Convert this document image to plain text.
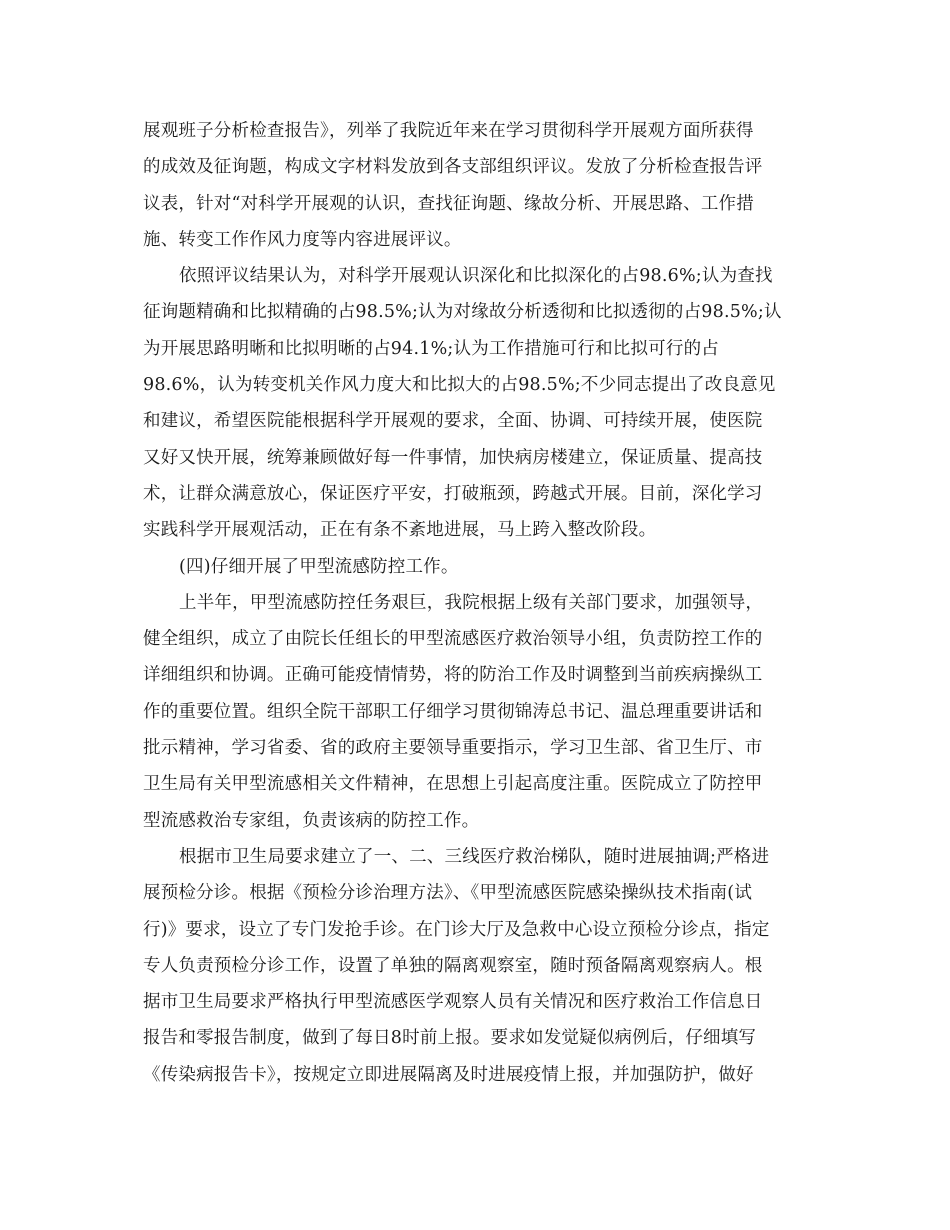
展观班子分析检查报告》，列举了我院近年来在学习贯彻科学开展观方面所获得
的成效及征询题，构成文字材料发放到各支部组织评议。发放了分析检查报告评
议表，针对“对科学开展观的认识，查找征询题、缘故分析、开展思路、工作措
施、转变工作作风力度等内容进展评议。
依照评议结果认为，对科学开展观认识深化和比拟深化的占98.6%;认为查找
征询题精确和比拟精确的占98.5%;认为对缘故分析透彻和比拟透彻的占98.5%;认
为开展思路明晰和比拟明晰的占94.1%;认为工作措施可行和比拟可行的占
98.6%，认为转变机关作风力度大和比拟大的占98.5%;不少同志提出了改良意见
和建议，希望医院能根据科学开展观的要求，全面、协调、可持续开展，使医院
又好又快开展，统筹兼顾做好每一件事情，加快病房楼建立，保证质量、提高技
术，让群众满意放心，保证医疗平安，打破瓶颈，跨越式开展。目前，深化学习
实践科学开展观活动，正在有条不紊地进展，马上跨入整改阶段。
(四)仔细开展了甲型流感防控工作。
上半年，甲型流感防控任务艰巨，我院根据上级有关部门要求，加强领导，
健全组织，成立了由院长任组长的甲型流感医疗救治领导小组，负责防控工作的
详细组织和协调。正确可能疫情情势，将的防治工作及时调整到当前疾病操纵工
作的重要位置。组织全院干部职工仔细学习贯彻锦涛总书记、温总理重要讲话和
批示精神，学习省委、省的政府主要领导重要指示，学习卫生部、省卫生厅、市
卫生局有关甲型流感相关文件精神，在思想上引起高度注重。医院成立了防控甲
型流感救治专家组，负责该病的防控工作。
根据市卫生局要求建立了一、二、三线医疗救治梯队，随时进展抽调;严格进
展预检分诊。根据《预检分诊治理方法》、《甲型流感医院感染操纵技术指南(试
行)》要求，设立了专门发抢手诊。在门诊大厅及急救中心设立预检分诊点，指定
专人负责预检分诊工作，设置了单独的隔离观察室，随时预备隔离观察病人。根
据市卫生局要求严格执行甲型流感医学观察人员有关情况和医疗救治工作信息日
报告和零报告制度，做到了每日8时前上报。要求如发觉疑似病例后，仔细填写
《传染病报告卡》，按规定立即进展隔离及时进展疫情上报，并加强防护，做好
